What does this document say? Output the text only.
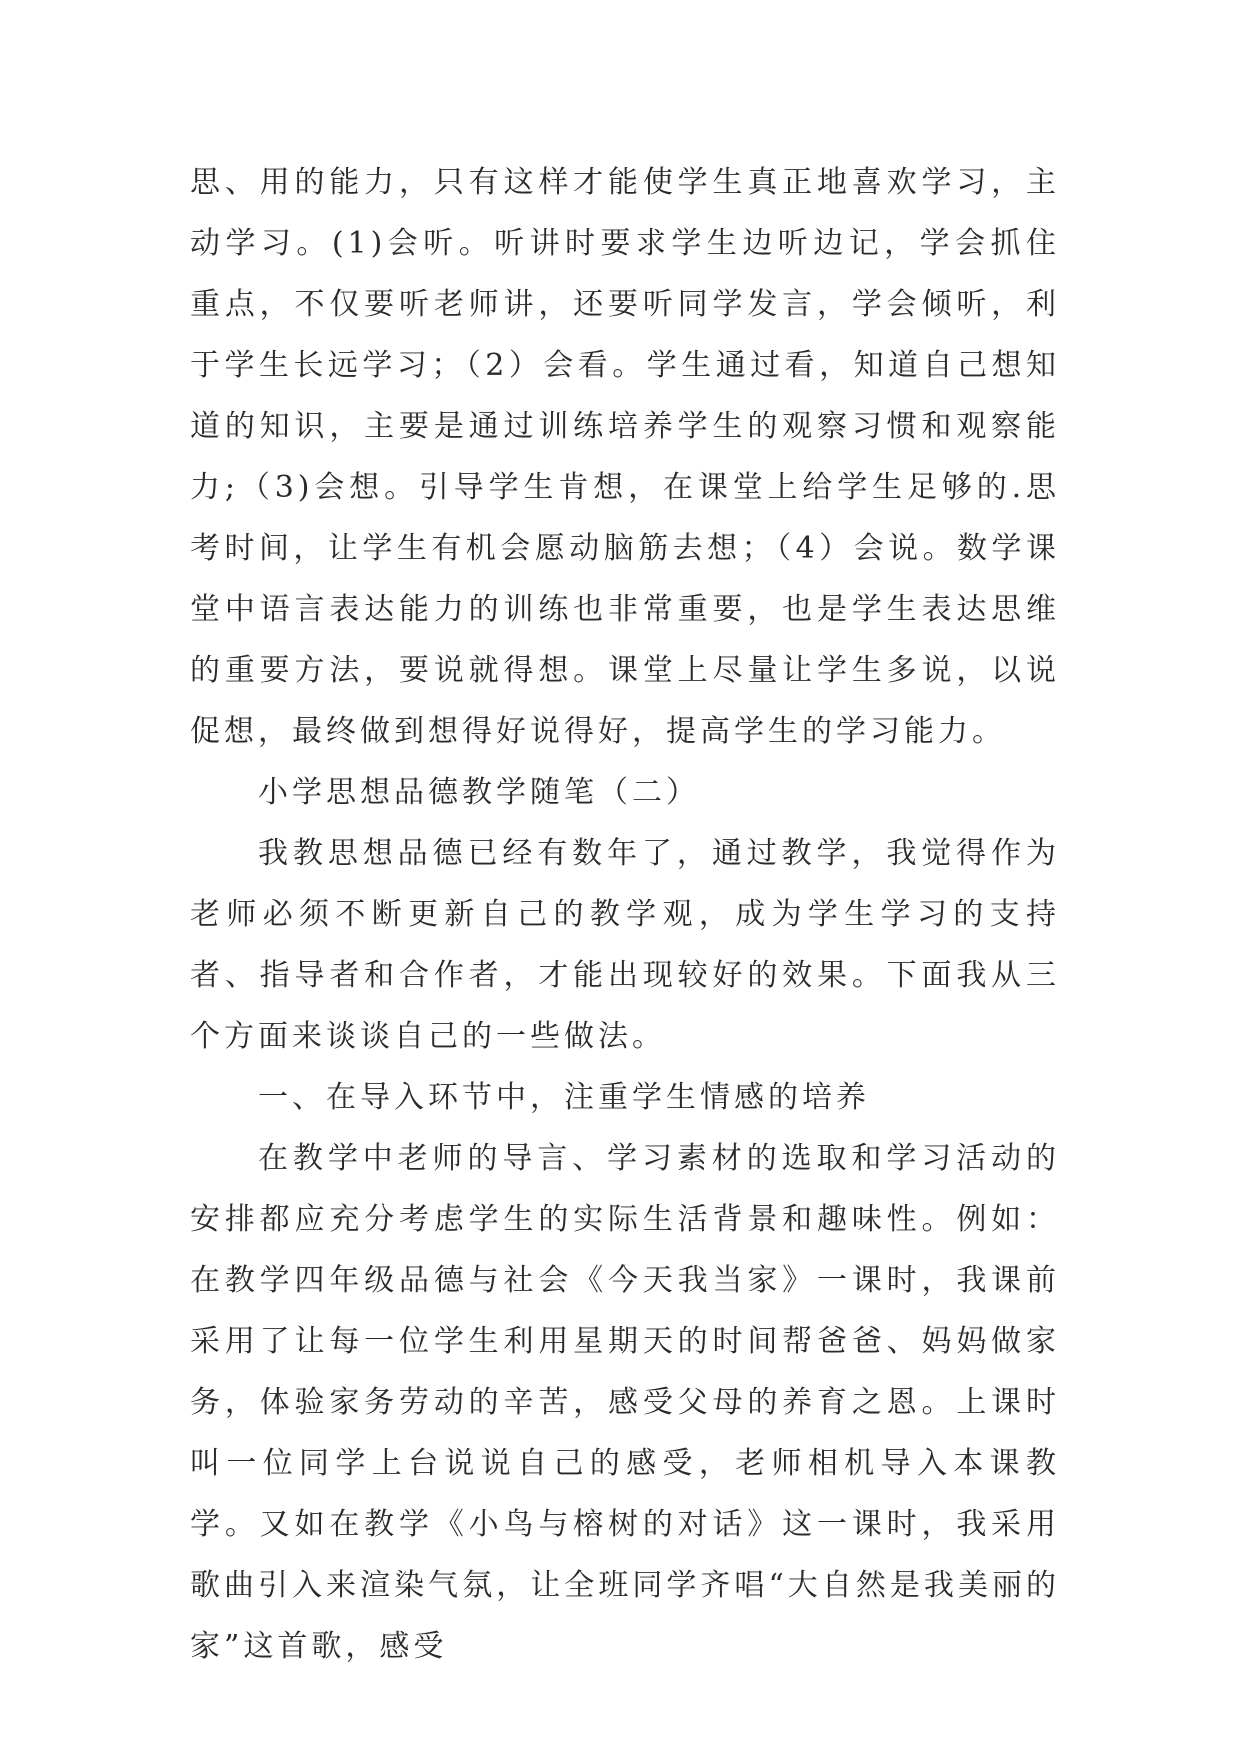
思、用的能力，只有这样才能使学生真正地喜欢学习，主动学习。(1)会听。听讲时要求学生边听边记，学会抓住重点，不仅要听老师讲，还要听同学发言，学会倾听，利于学生长远学习；（2）会看。学生通过看，知道自己想知道的知识，主要是通过训练培养学生的观察习惯和观察能力;（3)会想。引导学生肯想，在课堂上给学生足够的.思考时间，让学生有机会愿动脑筋去想；（4）会说。数学课堂中语言表达能力的训练也非常重要，也是学生表达思维的重要方法，要说就得想。课堂上尽量让学生多说，以说促想，最终做到想得好说得好，提高学生的学习能力。

小学思想品德教学随笔（二）

我教思想品德已经有数年了，通过教学，我觉得作为老师必须不断更新自己的教学观，成为学生学习的支持者、指导者和合作者，才能出现较好的效果。下面我从三个方面来谈谈自己的一些做法。

一、在导入环节中，注重学生情感的培养

在教学中老师的导言、学习素材的选取和学习活动的安排都应充分考虑学生的实际生活背景和趣味性。例如：在教学四年级品德与社会《今天我当家》一课时，我课前采用了让每一位学生利用星期天的时间帮爸爸、妈妈做家务，体验家务劳动的辛苦，感受父母的养育之恩。上课时叫一位同学上台说说自己的感受，老师相机导入本课教学。又如在教学《小鸟与榕树的对话》这一课时，我采用歌曲引入来渲染气氛，让全班同学齐唱“大自然是我美丽的家”这首歌，感受
